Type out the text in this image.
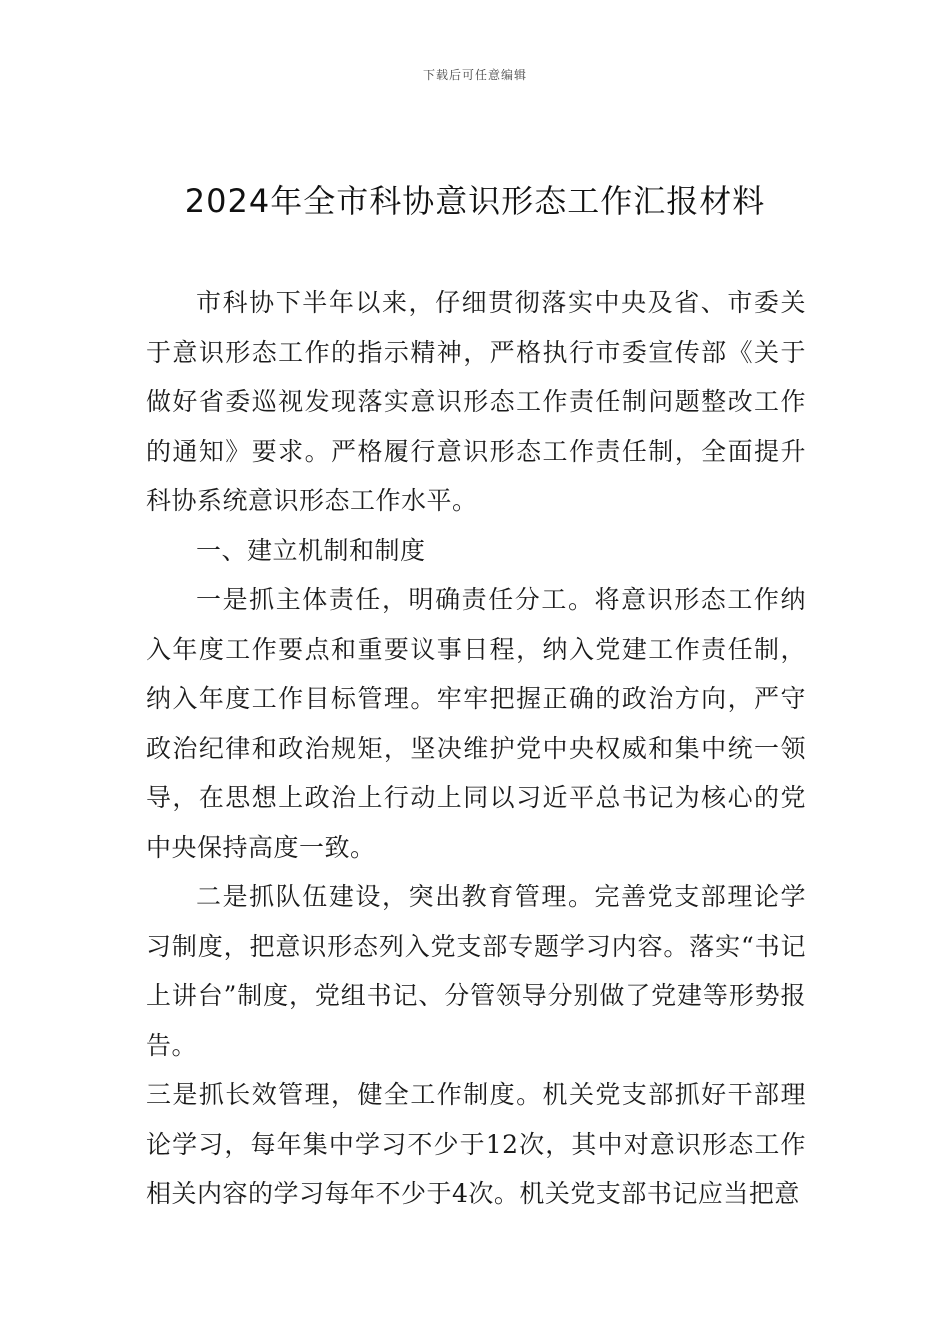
下载后可任意编辑
2024年全市科协意识形态工作汇报材料

市科协下半年以来，仔细贯彻落实中央及省、市委关于意识形态工作的指示精神，严格执行市委宣传部《关于做好省委巡视发现落实意识形态工作责任制问题整改工作的通知》要求。严格履行意识形态工作责任制，全面提升科协系统意识形态工作水平。

一、建立机制和制度

一是抓主体责任，明确责任分工。将意识形态工作纳入年度工作要点和重要议事日程，纳入党建工作责任制，纳入年度工作目标管理。牢牢把握正确的政治方向，严守政治纪律和政治规矩，坚决维护党中央权威和集中统一领导，在思想上政治上行动上同以习近平总书记为核心的党中央保持高度一致。

二是抓队伍建设，突出教育管理。完善党支部理论学习制度，把意识形态列入党支部专题学习内容。落实“书记上讲台”制度，党组书记、分管领导分别做了党建等形势报告。

三是抓长效管理，健全工作制度。机关党支部抓好干部理论学习，每年集中学习不少于12次，其中对意识形态工作相关内容的学习每年不少于4次。机关党支部书记应当把意
